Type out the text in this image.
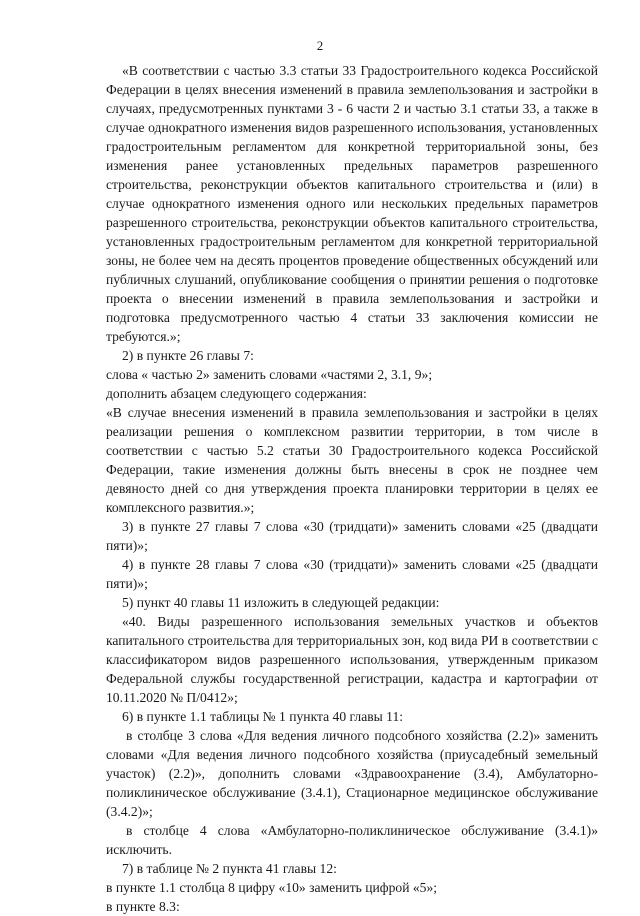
2

«В соответствии с частью 3.3 статьи 33 Градостроительного кодекса Российской Федерации в целях внесения изменений в правила землепользования и застройки в случаях, предусмотренных пунктами 3 - 6 части 2 и частью 3.1 статьи 33, а также в случае однократного изменения видов разрешенного использования, установленных градостроительным регламентом для конкретной территориальной зоны, без изменения ранее установленных предельных параметров разрешенного строительства, реконструкции объектов капитального строительства и (или) в случае однократного изменения одного или нескольких предельных параметров разрешенного строительства, реконструкции объектов капитального строительства, установленных градостроительным регламентом для конкретной территориальной зоны, не более чем на десять процентов проведение общественных обсуждений или публичных слушаний, опубликование сообщения о принятии решения о подготовке проекта о внесении изменений в правила землепользования и застройки и подготовка предусмотренного частью 4 статьи 33 заключения комиссии не требуются.»;

2) в пункте 26 главы 7:

слова « частью 2» заменить словами «частями 2, 3.1, 9»;

дополнить абзацем следующего содержания:

«В случае внесения изменений в правила землепользования и застройки в целях реализации решения о комплексном развитии территории, в том числе в соответствии с частью 5.2 статьи 30 Градостроительного кодекса Российской Федерации, такие изменения должны быть внесены в срок не позднее чем девяносто дней со дня утверждения проекта планировки территории в целях ее комплексного развития.»;

3) в пункте 27 главы 7 слова «30 (тридцати)» заменить словами «25 (двадцати пяти)»;

4) в пункте 28 главы 7 слова «30 (тридцати)» заменить словами «25 (двадцати пяти)»;

5) пункт 40 главы 11 изложить в следующей редакции:

«40. Виды разрешенного использования земельных участков и объектов капитального строительства для территориальных зон, код вида РИ в соответствии с классификатором видов разрешенного использования, утвержденным приказом Федеральной службы государственной регистрации, кадастра и картографии от 10.11.2020 № П/0412»;

6) в пункте 1.1 таблицы № 1 пункта 40 главы 11:

в столбце 3 слова «Для ведения личного подсобного хозяйства (2.2)» заменить словами «Для ведения личного подсобного хозяйства (приусадебный земельный участок) (2.2)», дополнить словами «Здравоохранение (3.4), Амбулаторно-поликлиническое обслуживание (3.4.1), Стационарное медицинское обслуживание (3.4.2)»;

в столбце 4 слова «Амбулаторно-поликлиническое обслуживание (3.4.1)» исключить.

7) в таблице № 2 пункта 41 главы 12:

в пункте 1.1 столбца 8 цифру «10» заменить цифрой «5»;

в пункте 8.3:
